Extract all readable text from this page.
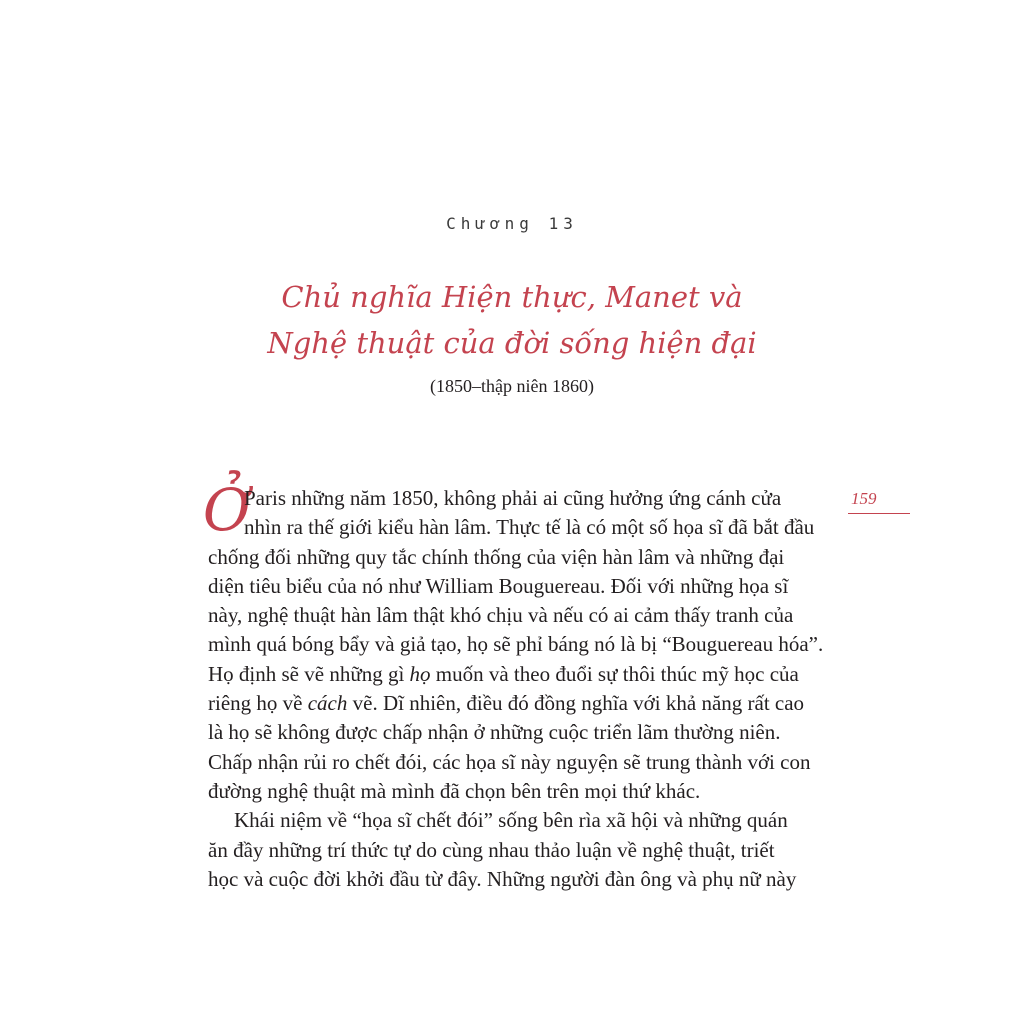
Chương 13
Chủ nghĩa Hiện thực, Manet và
Nghệ thuật của đời sống hiện đại
(1850–thập niên 1860)
159
Ở
Paris những năm 1850, không phải ai cũng hưởng ứng cánh cửa
nhìn ra thế giới kiểu hàn lâm. Thực tế là có một số họa sĩ đã bắt đầu
chống đối những quy tắc chính thống của viện hàn lâm và những đại
diện tiêu biểu của nó như William Bouguereau. Đối với những họa sĩ
này, nghệ thuật hàn lâm thật khó chịu và nếu có ai cảm thấy tranh của
mình quá bóng bẩy và giả tạo, họ sẽ phỉ báng nó là bị “Bouguereau hóa”.
Họ định sẽ vẽ những gì họ muốn và theo đuổi sự thôi thúc mỹ học của
riêng họ về cách vẽ. Dĩ nhiên, điều đó đồng nghĩa với khả năng rất cao
là họ sẽ không được chấp nhận ở những cuộc triển lãm thường niên.
Chấp nhận rủi ro chết đói, các họa sĩ này nguyện sẽ trung thành với con
đường nghệ thuật mà mình đã chọn bên trên mọi thứ khác.
Khái niệm về “họa sĩ chết đói” sống bên rìa xã hội và những quán
ăn đầy những trí thức tự do cùng nhau thảo luận về nghệ thuật, triết
học và cuộc đời khởi đầu từ đây. Những người đàn ông và phụ nữ này
